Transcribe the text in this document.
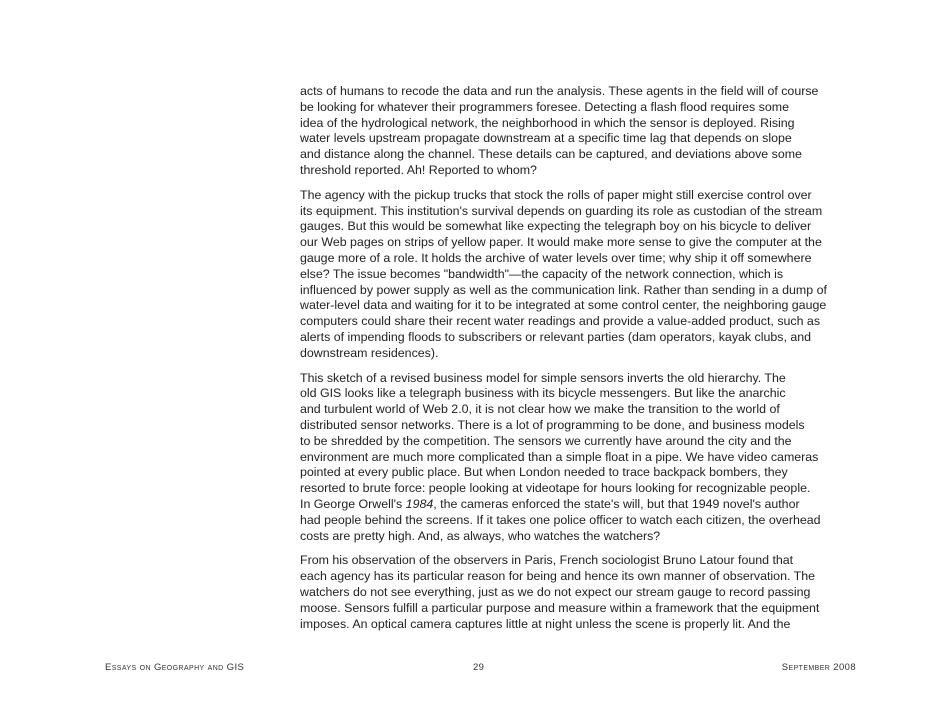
acts of humans to recode the data and run the analysis. These agents in the field will of course
be looking for whatever their programmers foresee. Detecting a flash flood requires some
idea of the hydrological network, the neighborhood in which the sensor is deployed. Rising
water levels upstream propagate downstream at a specific time lag that depends on slope
and distance along the channel. These details can be captured, and deviations above some
threshold reported. Ah! Reported to whom?

The agency with the pickup trucks that stock the rolls of paper might still exercise control over
its equipment. This institution's survival depends on guarding its role as custodian of the stream
gauges. But this would be somewhat like expecting the telegraph boy on his bicycle to deliver
our Web pages on strips of yellow paper. It would make more sense to give the computer at the
gauge more of a role. It holds the archive of water levels over time; why ship it off somewhere
else? The issue becomes "bandwidth"—the capacity of the network connection, which is
influenced by power supply as well as the communication link. Rather than sending in a dump of
water-level data and waiting for it to be integrated at some control center, the neighboring gauge
computers could share their recent water readings and provide a value-added product, such as
alerts of impending floods to subscribers or relevant parties (dam operators, kayak clubs, and
downstream residences).

This sketch of a revised business model for simple sensors inverts the old hierarchy. The
old GIS looks like a telegraph business with its bicycle messengers. But like the anarchic
and turbulent world of Web 2.0, it is not clear how we make the transition to the world of
distributed sensor networks. There is a lot of programming to be done, and business models
to be shredded by the competition. The sensors we currently have around the city and the
environment are much more complicated than a simple float in a pipe. We have video cameras
pointed at every public place. But when London needed to trace backpack bombers, they
resorted to brute force: people looking at videotape for hours looking for recognizable people.
In George Orwell's 1984, the cameras enforced the state's will, but that 1949 novel's author
had people behind the screens. If it takes one police officer to watch each citizen, the overhead
costs are pretty high. And, as always, who watches the watchers?

From his observation of the observers in Paris, French sociologist Bruno Latour found that
each agency has its particular reason for being and hence its own manner of observation. The
watchers do not see everything, just as we do not expect our stream gauge to record passing
moose. Sensors fulfill a particular purpose and measure within a framework that the equipment
imposes. An optical camera captures little at night unless the scene is properly lit. And the

Essays on Geography and GIS	29	September 2008
